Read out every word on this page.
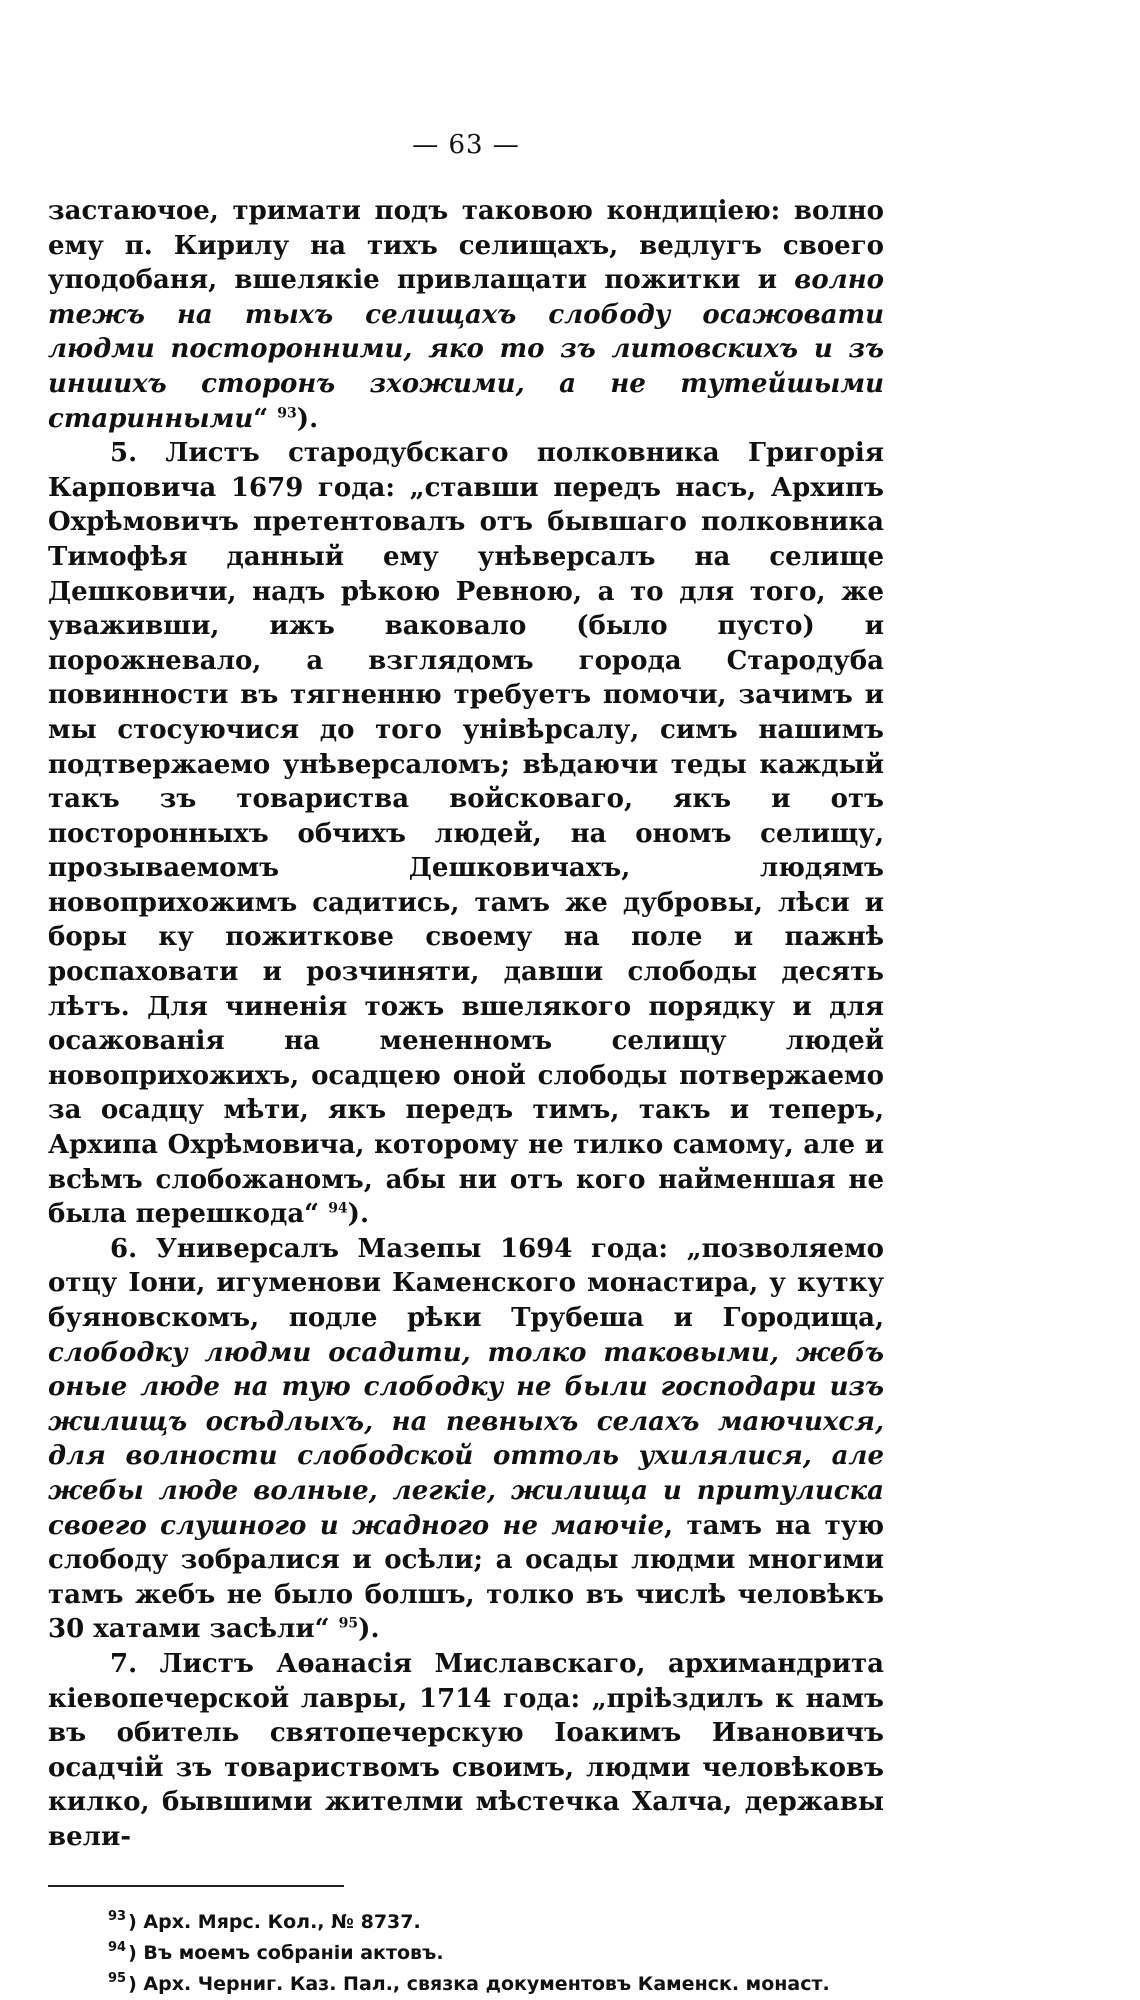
— 63 —

застаючое, тримати подъ таковою кондиціею: волно ему п. Кирилу на тихъ селищахъ, ведлугъ своего уподобаня, вшелякіе привлащати пожитки и волно тежъ на тыхъ селищахъ слободу осажовати людми посторонними, яко то зъ литовскихъ и зъ иншихъ сторонъ зхожими, а не тутейшыми старинными“ $^{93}$).

5. Листъ стародубскаго полковника Григорія Карповича 1679 года: „ставши передъ насъ, Архипъ Охрѣмовичъ претентовалъ отъ бывшаго полковника Тимофѣя данный ему унѣверсалъ на селище Дешковичи, надъ рѣкою Ревною, а то для того, же уваживши, ижъ ваковало (было пусто) и порожневало, а взглядомъ города Стародуба повинности въ тягненню требуетъ помочи, зачимъ и мы стосуючися до того унівѣрсалу, симъ нашимъ подтвержаемо унѣверсаломъ; вѣдаючи теды каждый такъ зъ товариства войсковаго, якъ и отъ посторонныхъ обчихъ людей, на ономъ селищу, прозываемомъ Дешковичахъ, людямъ новоприхожимъ садитись, тамъ же дубровы, лѣси и боры ку пожиткове своему на поле и пажнѣ роспаховати и розчиняти, давши слободы десять лѣтъ. Для чиненія тожъ вшелякого порядку и для осажованія на мененномъ селищу людей новоприхожихъ, осадцею оной слободы потвержаемо за осадцу мѣти, якъ передъ тимъ, такъ и теперъ, Архипа Охрѣмовича, которому не тилко самому, але и всѣмъ слобожаномъ, абы ни отъ кого найменшая не была перешкода“ $^{94}$).

6. Универсалъ Мазепы 1694 года: „позволяемо отцу Іони, игуменови Каменского монастира, у кутку буяновскомъ, подле рѣки Трубеша и Городища, слободку людми осадити, толко таковыми, жебъ оные люде на тую слободку не были господари изъ жилищъ осѣдлыхъ, на певныхъ селахъ маючихся, для волности слободской оттоль ухилялися, але жебы люде волные, легкіе, жилища и притулиска своего слушного и жадного не маючіе, тамъ на тую слободу зобралися и осѣли; а осады людми многими тамъ жебъ не было болшъ, толко въ числѣ человѣкъ 30 хатами засѣли“ $^{95}$).

7. Листъ Аѳанасія Миславскаго, архимандрита кіевопечерской лавры, 1714 года: „пріѣздилъ к намъ въ обитель святопечерскую Іоакимъ Ивановичъ осадчій зъ товариствомъ своимъ, людми человѣковъ килко, бывшими жителми мѣстечка Халча, державы вели-

$^{93}$ ) Арх. Мярс. Кол., № 8737.
$^{94}$ ) Въ моемъ собраніи актовъ.
$^{95}$ ) Арх. Черниг. Каз. Пал., связка документовъ Каменск. монаст.
